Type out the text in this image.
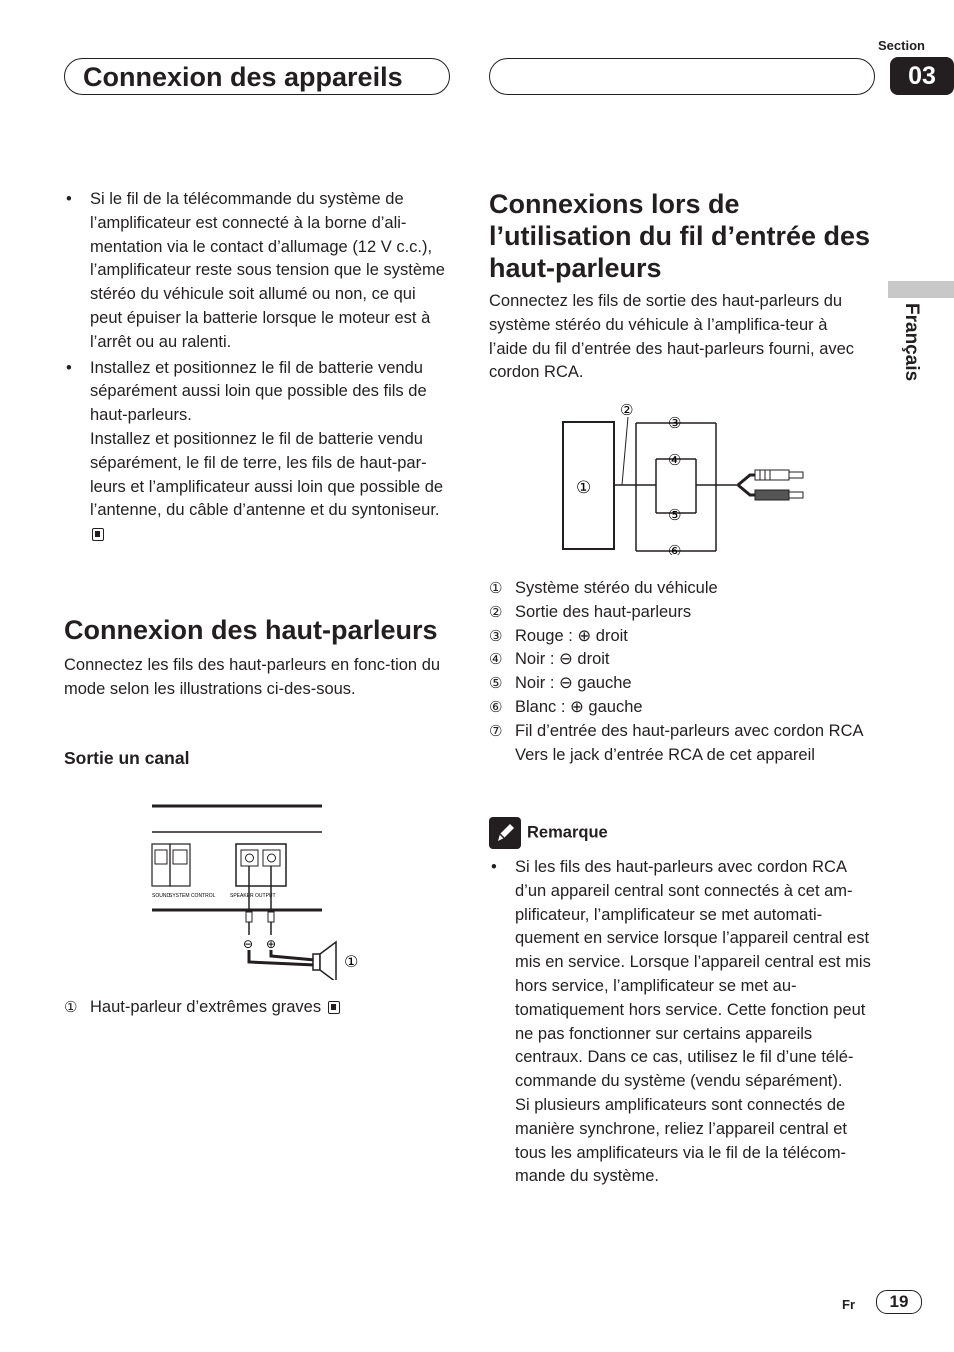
Connexion des appareils
Section
03
Français
• Si le fil de la télécommande du système de l’amplificateur est connecté à la borne d’ali-mentation via le contact d’allumage (12 V c.c.), l’amplificateur reste sous tension que le système stéréo du véhicule soit allumé ou non, ce qui peut épuiser la batterie lorsque le moteur est à l’arrêt ou au ralenti.
• Installez et positionnez le fil de batterie vendu séparément aussi loin que possible des fils de haut-parleurs.
Installez et positionnez le fil de batterie vendu séparément, le fil de terre, les fils de haut-par-leurs et l’amplificateur aussi loin que possible de l’antenne, du câble d’antenne et du syntoniseur.
Connexion des haut-parleurs
Connectez les fils des haut-parleurs en fonc-tion du mode selon les illustrations ci-des-sous.
Sortie un canal
SOUND
SYSTEM CONTROL	SPEAKER OUTPUT
⊖ ⊕
①
① Haut-parleur d’extrêmes graves
Connexions lors de l’utilisation du fil d’entrée des haut-parleurs
Connectez les fils de sortie des haut-parleurs du système stéréo du véhicule à l’amplifica-teur à l’aide du fil d’entrée des haut-parleurs fourni, avec cordon RCA.
①
②
③
④
⑤
⑥
① Système stéréo du véhicule
② Sortie des haut-parleurs
③ Rouge : ⊕ droit
④ Noir : ⊖ droit
⑤ Noir : ⊖ gauche
⑥ Blanc : ⊕ gauche
⑦ Fil d’entrée des haut-parleurs avec cordon RCA
Vers le jack d’entrée RCA de cet appareil
Remarque
• Si les fils des haut-parleurs avec cordon RCA d’un appareil central sont connectés à cet am-plificateur, l’amplificateur se met automati-quement en service lorsque l’appareil central est mis en service. Lorsque l’appareil central est mis hors service, l’amplificateur se met au-tomatiquement hors service. Cette fonction peut ne pas fonctionner sur certains appareils centraux. Dans ce cas, utilisez le fil d’une télé-commande du système (vendu séparément).
Si plusieurs amplificateurs sont connectés de manière synchrone, reliez l’appareil central et tous les amplificateurs via le fil de la télécom-mande du système.
Fr	19
